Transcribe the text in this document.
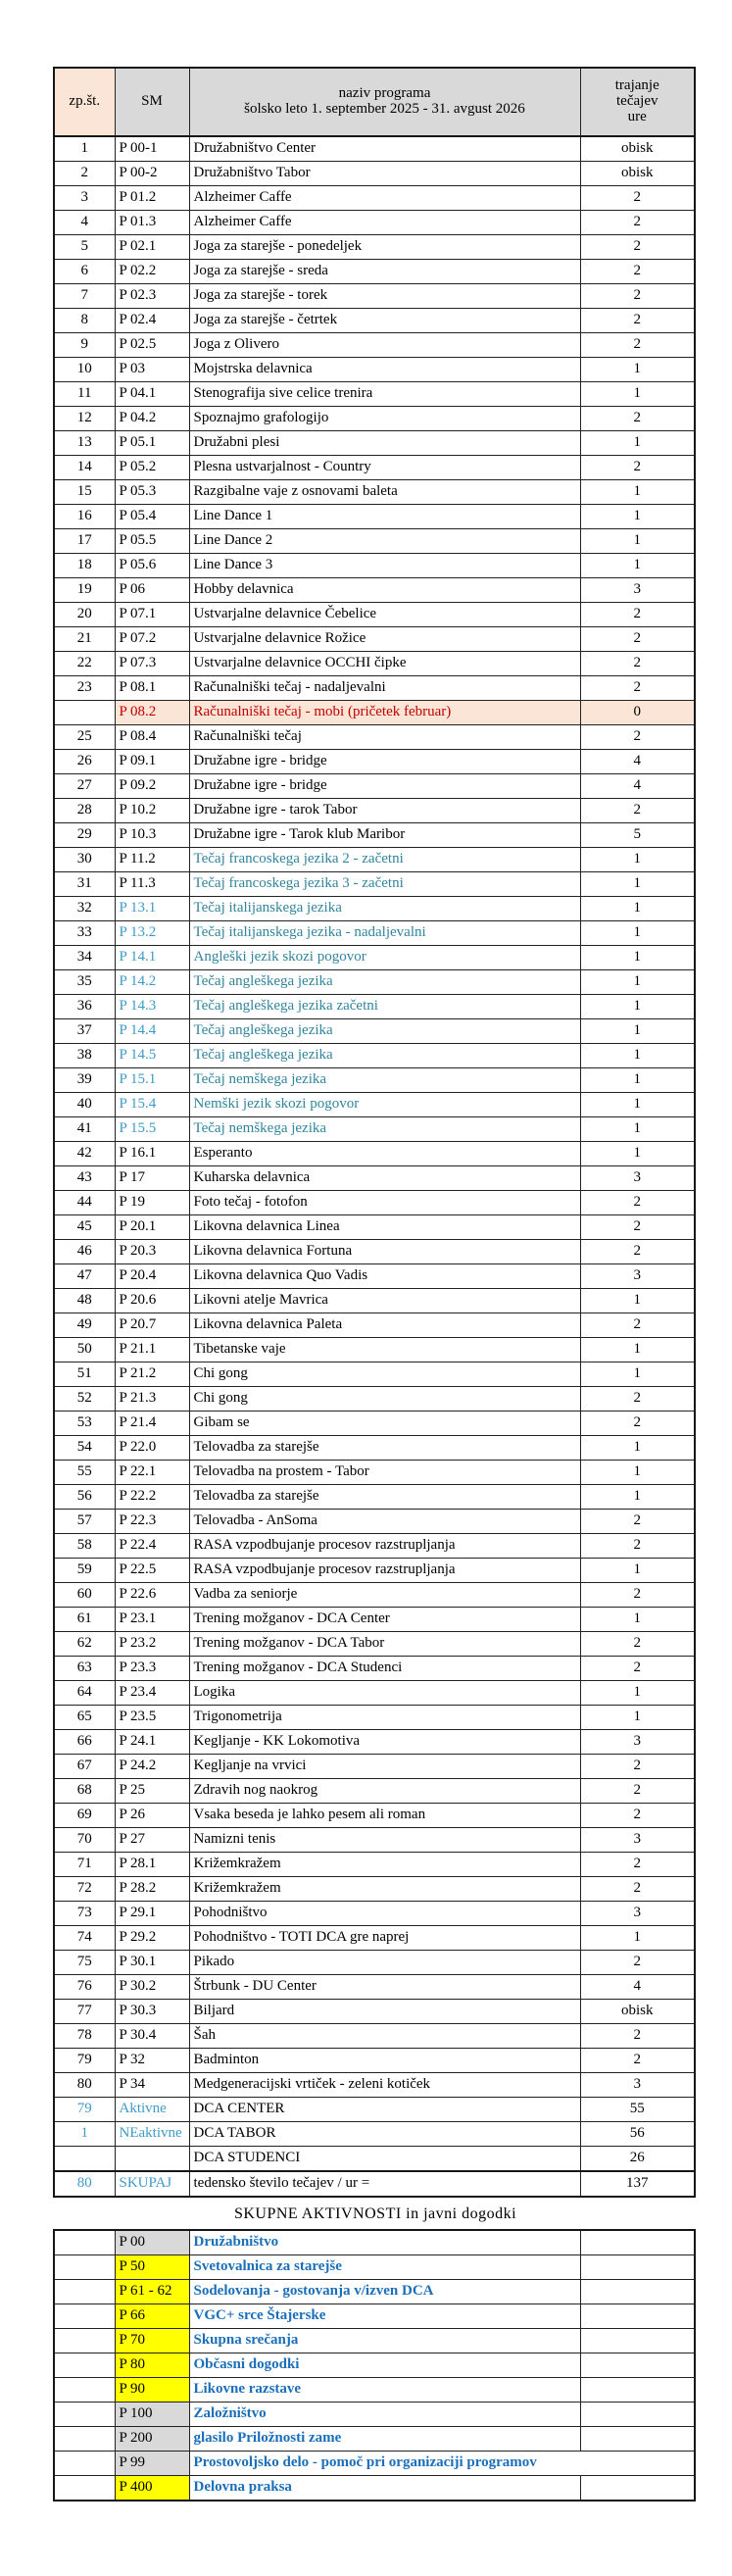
zp.št.	SM	naziv programa
šolsko leto 1. september 2025 - 31. avgust 2026	trajanje
tečajev
ure

1	P 00-1	Družabništvo Center	obisk
2	P 00-2	Družabništvo Tabor	obisk
3	P 01.2	Alzheimer Caffe	2
4	P 01.3	Alzheimer Caffe	2
5	P 02.1	Joga za starejše - ponedeljek	2
6	P 02.2	Joga za starejše - sreda	2
7	P 02.3	Joga za starejše - torek	2
8	P 02.4	Joga za starejše - četrtek	2
9	P 02.5	Joga z Olivero	2
10	P 03	Mojstrska delavnica	1
11	P 04.1	Stenografija sive celice trenira	1
12	P 04.2	Spoznajmo grafologijo	2
13	P 05.1	Družabni plesi	1
14	P 05.2	Plesna ustvarjalnost - Country	2
15	P 05.3	Razgibalne vaje z osnovami baleta	1
16	P 05.4	Line Dance 1	1
17	P 05.5	Line Dance 2	1
18	P 05.6	Line Dance 3	1
19	P 06	Hobby delavnica	3
20	P 07.1	Ustvarjalne delavnice Čebelice	2
21	P 07.2	Ustvarjalne delavnice Rožice	2
22	P 07.3	Ustvarjalne delavnice OCCHI čipke	2
23	P 08.1	Računalniški tečaj - nadaljevalni	2
	P 08.2	Računalniški tečaj - mobi (pričetek februar)	0
25	P 08.4	Računalniški tečaj	2
26	P 09.1	Družabne igre - bridge	4
27	P 09.2	Družabne igre - bridge	4
28	P 10.2	Družabne igre - tarok Tabor	2
29	P 10.3	Družabne igre - Tarok klub Maribor	5
30	P 11.2	Tečaj francoskega jezika 2 - začetni	1
31	P 11.3	Tečaj francoskega jezika 3 - začetni	1
32	P 13.1	Tečaj italijanskega jezika	1
33	P 13.2	Tečaj italijanskega jezika - nadaljevalni	1
34	P 14.1	Angleški jezik skozi pogovor	1
35	P 14.2	Tečaj angleškega jezika	1
36	P 14.3	Tečaj angleškega jezika začetni	1
37	P 14.4	Tečaj angleškega jezika	1
38	P 14.5	Tečaj angleškega jezika	1
39	P 15.1	Tečaj nemškega jezika	1
40	P 15.4	Nemški jezik skozi pogovor	1
41	P 15.5	Tečaj nemškega jezika	1
42	P 16.1	Esperanto	1
43	P 17	Kuharska delavnica	3
44	P 19	Foto tečaj - fotofon	2
45	P 20.1	Likovna delavnica Linea	2
46	P 20.3	Likovna delavnica Fortuna	2
47	P 20.4	Likovna delavnica Quo Vadis	3
48	P 20.6	Likovni atelje Mavrica	1
49	P 20.7	Likovna delavnica Paleta	2
50	P 21.1	Tibetanske vaje	1
51	P 21.2	Chi gong	1
52	P 21.3	Chi gong	2
53	P 21.4	Gibam se	2
54	P 22.0	Telovadba za starejše	1
55	P 22.1	Telovadba na prostem - Tabor	1
56	P 22.2	Telovadba za starejše	1
57	P 22.3	Telovadba - AnSoma	2
58	P 22.4	RASA vzpodbujanje procesov razstrupljanja	2
59	P 22.5	RASA vzpodbujanje procesov razstrupljanja	1
60	P 22.6	Vadba za seniorje	2
61	P 23.1	Trening možganov - DCA Center	1
62	P 23.2	Trening možganov - DCA Tabor	2
63	P 23.3	Trening možganov - DCA Studenci	2
64	P 23.4	Logika	1
65	P 23.5	Trigonometrija	1
66	P 24.1	Kegljanje - KK Lokomotiva	3
67	P 24.2	Kegljanje na vrvici	2
68	P 25	Zdravih nog naokrog	2
69	P 26	Vsaka beseda je lahko pesem ali roman	2
70	P 27	Namizni tenis	3
71	P 28.1	Križemkražem	2
72	P 28.2	Križemkražem	2
73	P 29.1	Pohodništvo	3
74	P 29.2	Pohodništvo - TOTI DCA gre naprej	1
75	P 30.1	Pikado	2
76	P 30.2	Štrbunk - DU Center	4
77	P 30.3	Biljard	obisk
78	P 30.4	Šah	2
79	P 32	Badminton	2
80	P 34	Medgeneracijski vrtiček - zeleni kotiček	3
79	Aktivne	DCA CENTER	55
1	NEaktivne	DCA TABOR	56
		DCA STUDENCI	26
80	SKUPAJ	tedensko število tečajev / ur =	137
SKUPNE AKTIVNOSTI in javni dogodki
	P 00	Družabništvo	
	P 50	Svetovalnica za starejše	
	P 61 - 62	Sodelovanja - gostovanja v/izven DCA	
	P 66	VGC+ srce Štajerske	
	P 70	Skupna srečanja	
	P 80	Občasni dogodki	
	P 90	Likovne razstave	
	P 100	Založništvo	
	P 200	glasilo Priložnosti zame	
	P 99	Prostovoljsko delo - pomoč pri organizaciji programov	
	P 400	Delovna praksa	
